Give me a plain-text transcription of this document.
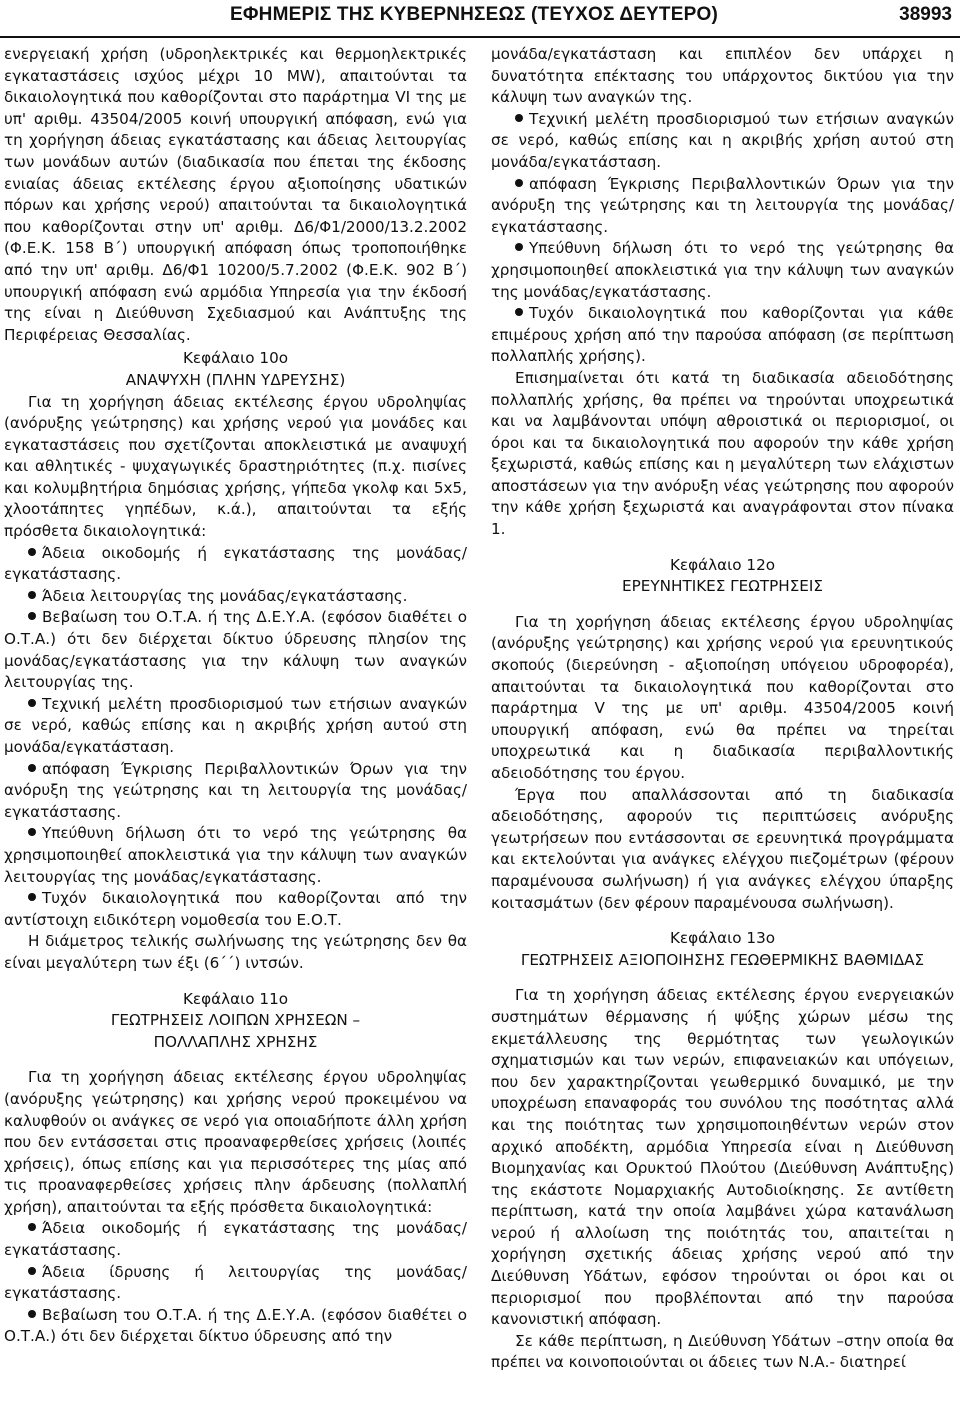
ΕΦΗΜΕΡΙΣ ΤΗΣ ΚΥΒΕΡΝΗΣΕΩΣ (ΤΕΥΧΟΣ ΔΕΥΤΕΡΟ)	38993

ενεργειακή χρήση (υδροηλεκτρικές και θερμοηλεκτρικές εγκαταστάσεις ισχύος μέχρι 10 MW), απαιτούνται τα δικαιολογητικά που καθορίζονται στο παράρτημα VI της με υπ' αριθμ. 43504/2005 κοινή υπουργική απόφαση, ενώ για τη χορήγηση άδειας εγκατάστασης και άδειας λειτουργίας των μονάδων αυτών (διαδικασία που έπεται της έκδοσης ενιαίας άδειας εκτέλεσης έργου αξιοποίησης υδατικών πόρων και χρήσης νερού) απαιτούνται τα δικαιολογητικά που καθορίζονται στην υπ' αριθμ. Δ6/Φ1/2000/13.2.2002 (Φ.Ε.Κ. 158 Β΄) υπουργική απόφαση όπως τροποποιήθηκε από την υπ' αριθμ. Δ6/Φ1 10200/5.7.2002 (Φ.Ε.Κ. 902 Β΄) υπουργική απόφαση ενώ αρμόδια Υπηρεσία για την έκδοσή της είναι η Διεύθυνση Σχεδιασμού και Ανάπτυξης της Περιφέρειας Θεσσαλίας.

Κεφάλαιο 10ο

ΑΝΑΨΥΧΗ (ΠΛΗΝ ΥΔΡΕΥΣΗΣ)

Για τη χορήγηση άδειας εκτέλεσης έργου υδροληψίας (ανόρυξης γεώτρησης) και χρήσης νερού για μονάδες και εγκαταστάσεις που σχετίζονται αποκλειστικά με αναψυχή και αθλητικές - ψυχαγωγικές δραστηριότητες (π.χ. πισίνες και κολυμβητήρια δημόσιας χρήσης, γήπεδα γκολφ και 5x5, χλοοτάπητες γηπέδων, κ.ά.), απαιτούνται τα εξής πρόσθετα δικαιολογητικά:

Άδεια οικοδομής ή εγκατάστασης της μονάδας/εγκατάστασης.

Άδεια λειτουργίας της μονάδας/εγκατάστασης.

Βεβαίωση του Ο.Τ.Α. ή της Δ.Ε.Υ.Α. (εφόσον διαθέτει ο Ο.Τ.Α.) ότι δεν διέρχεται δίκτυο ύδρευσης πλησίον της μονάδας/εγκατάστασης για την κάλυψη των αναγκών λειτουργίας της.

Τεχνική μελέτη προσδιορισμού των ετήσιων αναγκών σε νερό, καθώς επίσης και η ακριβής χρήση αυτού στη μονάδα/εγκατάσταση.

απόφαση Έγκρισης Περιβαλλοντικών Όρων για την ανόρυξη της γεώτρησης και τη λειτουργία της μονάδας/εγκατάστασης.

Υπεύθυνη δήλωση ότι το νερό της γεώτρησης θα χρησιμοποιηθεί αποκλειστικά για την κάλυψη των αναγκών λειτουργίας της μονάδας/εγκατάστασης.

Τυχόν δικαιολογητικά που καθορίζονται από την αντίστοιχη ειδικότερη νομοθεσία του Ε.Ο.Τ.

Η διάμετρος τελικής σωλήνωσης της γεώτρησης δεν θα είναι μεγαλύτερη των έξι (6΄΄) ιντσών.

Κεφάλαιο 11ο

ΓΕΩΤΡΗΣΕΙΣ ΛΟΙΠΩΝ ΧΡΗΣΕΩΝ –

ΠΟΛΛΑΠΛΗΣ ΧΡΗΣΗΣ

Για τη χορήγηση άδειας εκτέλεσης έργου υδροληψίας (ανόρυξης γεώτρησης) και χρήσης νερού προκειμένου να καλυφθούν οι ανάγκες σε νερό για οποιαδήποτε άλλη χρήση που δεν εντάσσεται στις προαναφερθείσες χρήσεις (λοιπές χρήσεις), όπως επίσης και για περισσότερες της μίας από τις προαναφερθείσες χρήσεις πλην άρδευσης (πολλαπλή χρήση), απαιτούνται τα εξής πρόσθετα δικαιολογητικά:

Άδεια οικοδομής ή εγκατάστασης της μονάδας/εγκατάστασης.

Άδεια ίδρυσης ή λειτουργίας της μονάδας/εγκατάστασης.

Βεβαίωση του Ο.Τ.Α. ή της Δ.Ε.Υ.Α. (εφόσον διαθέτει ο Ο.Τ.Α.) ότι δεν διέρχεται δίκτυο ύδρευσης από την

μονάδα/εγκατάσταση και επιπλέον δεν υπάρχει η δυνατότητα επέκτασης του υπάρχοντος δικτύου για την κάλυψη των αναγκών της.

Τεχνική μελέτη προσδιορισμού των ετήσιων αναγκών σε νερό, καθώς επίσης και η ακριβής χρήση αυτού στη μονάδα/εγκατάσταση.

απόφαση Έγκρισης Περιβαλλοντικών Όρων για την ανόρυξη της γεώτρησης και τη λειτουργία της μονάδας/εγκατάστασης.

Υπεύθυνη δήλωση ότι το νερό της γεώτρησης θα χρησιμοποιηθεί αποκλειστικά για την κάλυψη των αναγκών της μονάδας/εγκατάστασης.

Τυχόν δικαιολογητικά που καθορίζονται για κάθε επιμέρους χρήση από την παρούσα απόφαση (σε περίπτωση πολλαπλής χρήσης).

Επισημαίνεται ότι κατά τη διαδικασία αδειοδότησης πολλαπλής χρήσης, θα πρέπει να τηρούνται υποχρεωτικά και να λαμβάνονται υπόψη αθροιστικά οι περιορισμοί, οι όροι και τα δικαιολογητικά που αφορούν την κάθε χρήση ξεχωριστά, καθώς επίσης και η μεγαλύτερη των ελάχιστων αποστάσεων για την ανόρυξη νέας γεώτρησης που αφορούν την κάθε χρήση ξεχωριστά και αναγράφονται στον πίνακα 1.

Κεφάλαιο 12ο

ΕΡΕΥΝΗΤΙΚΕΣ ΓΕΩΤΡΗΣΕΙΣ

Για τη χορήγηση άδειας εκτέλεσης έργου υδροληψίας (ανόρυξης γεώτρησης) και χρήσης νερού για ερευνητικούς σκοπούς (διερεύνηση - αξιοποίηση υπόγειου υδροφορέα), απαιτούνται τα δικαιολογητικά που καθορίζονται στο παράρτημα V της με υπ' αριθμ. 43504/2005 κοινή υπουργική απόφαση, ενώ θα πρέπει να τηρείται υποχρεωτικά και η διαδικασία περιβαλλοντικής αδειοδότησης του έργου.

Έργα που απαλλάσσονται από τη διαδικασία αδειοδότησης, αφορούν τις περιπτώσεις ανόρυξης γεωτρήσεων που εντάσσονται σε ερευνητικά προγράμματα και εκτελούνται για ανάγκες ελέγχου πιεζομέτρων (φέρουν παραμένουσα σωλήνωση) ή για ανάγκες ελέγχου ύπαρξης κοιτασμάτων (δεν φέρουν παραμένουσα σωλήνωση).

Κεφάλαιο 13ο

ΓΕΩΤΡΗΣΕΙΣ ΑΞΙΟΠΟΙΗΣΗΣ ΓΕΩΘΕΡΜΙΚΗΣ ΒΑΘΜΙΔΑΣ

Για τη χορήγηση άδειας εκτέλεσης έργου ενεργειακών συστημάτων θέρμανσης ή ψύξης χώρων μέσω της εκμετάλλευσης της θερμότητας των γεωλογικών σχηματισμών και των νερών, επιφανειακών και υπόγειων, που δεν χαρακτηρίζονται γεωθερμικό δυναμικό, με την υποχρέωση επαναφοράς του συνόλου της ποσότητας αλλά και της ποιότητας των χρησιμοποιηθέντων νερών στον αρχικό αποδέκτη, αρμόδια Υπηρεσία είναι η Διεύθυνση Βιομηχανίας και Ορυκτού Πλούτου (Διεύθυνση Ανάπτυξης) της εκάστοτε Νομαρχιακής Αυτοδιοίκησης. Σε αντίθετη περίπτωση, κατά την οποία λαμβάνει χώρα κατανάλωση νερού ή αλλοίωση της ποιότητάς του, απαιτείται η χορήγηση σχετικής άδειας χρήσης νερού από την Διεύθυνση Υδάτων, εφόσον τηρούνται οι όροι και οι περιορισμοί που προβλέπονται από την παρούσα κανονιστική απόφαση.

Σε κάθε περίπτωση, η Διεύθυνση Υδάτων –στην οποία θα πρέπει να κοινοποιούνται οι άδειες των Ν.Α.- διατηρεί
